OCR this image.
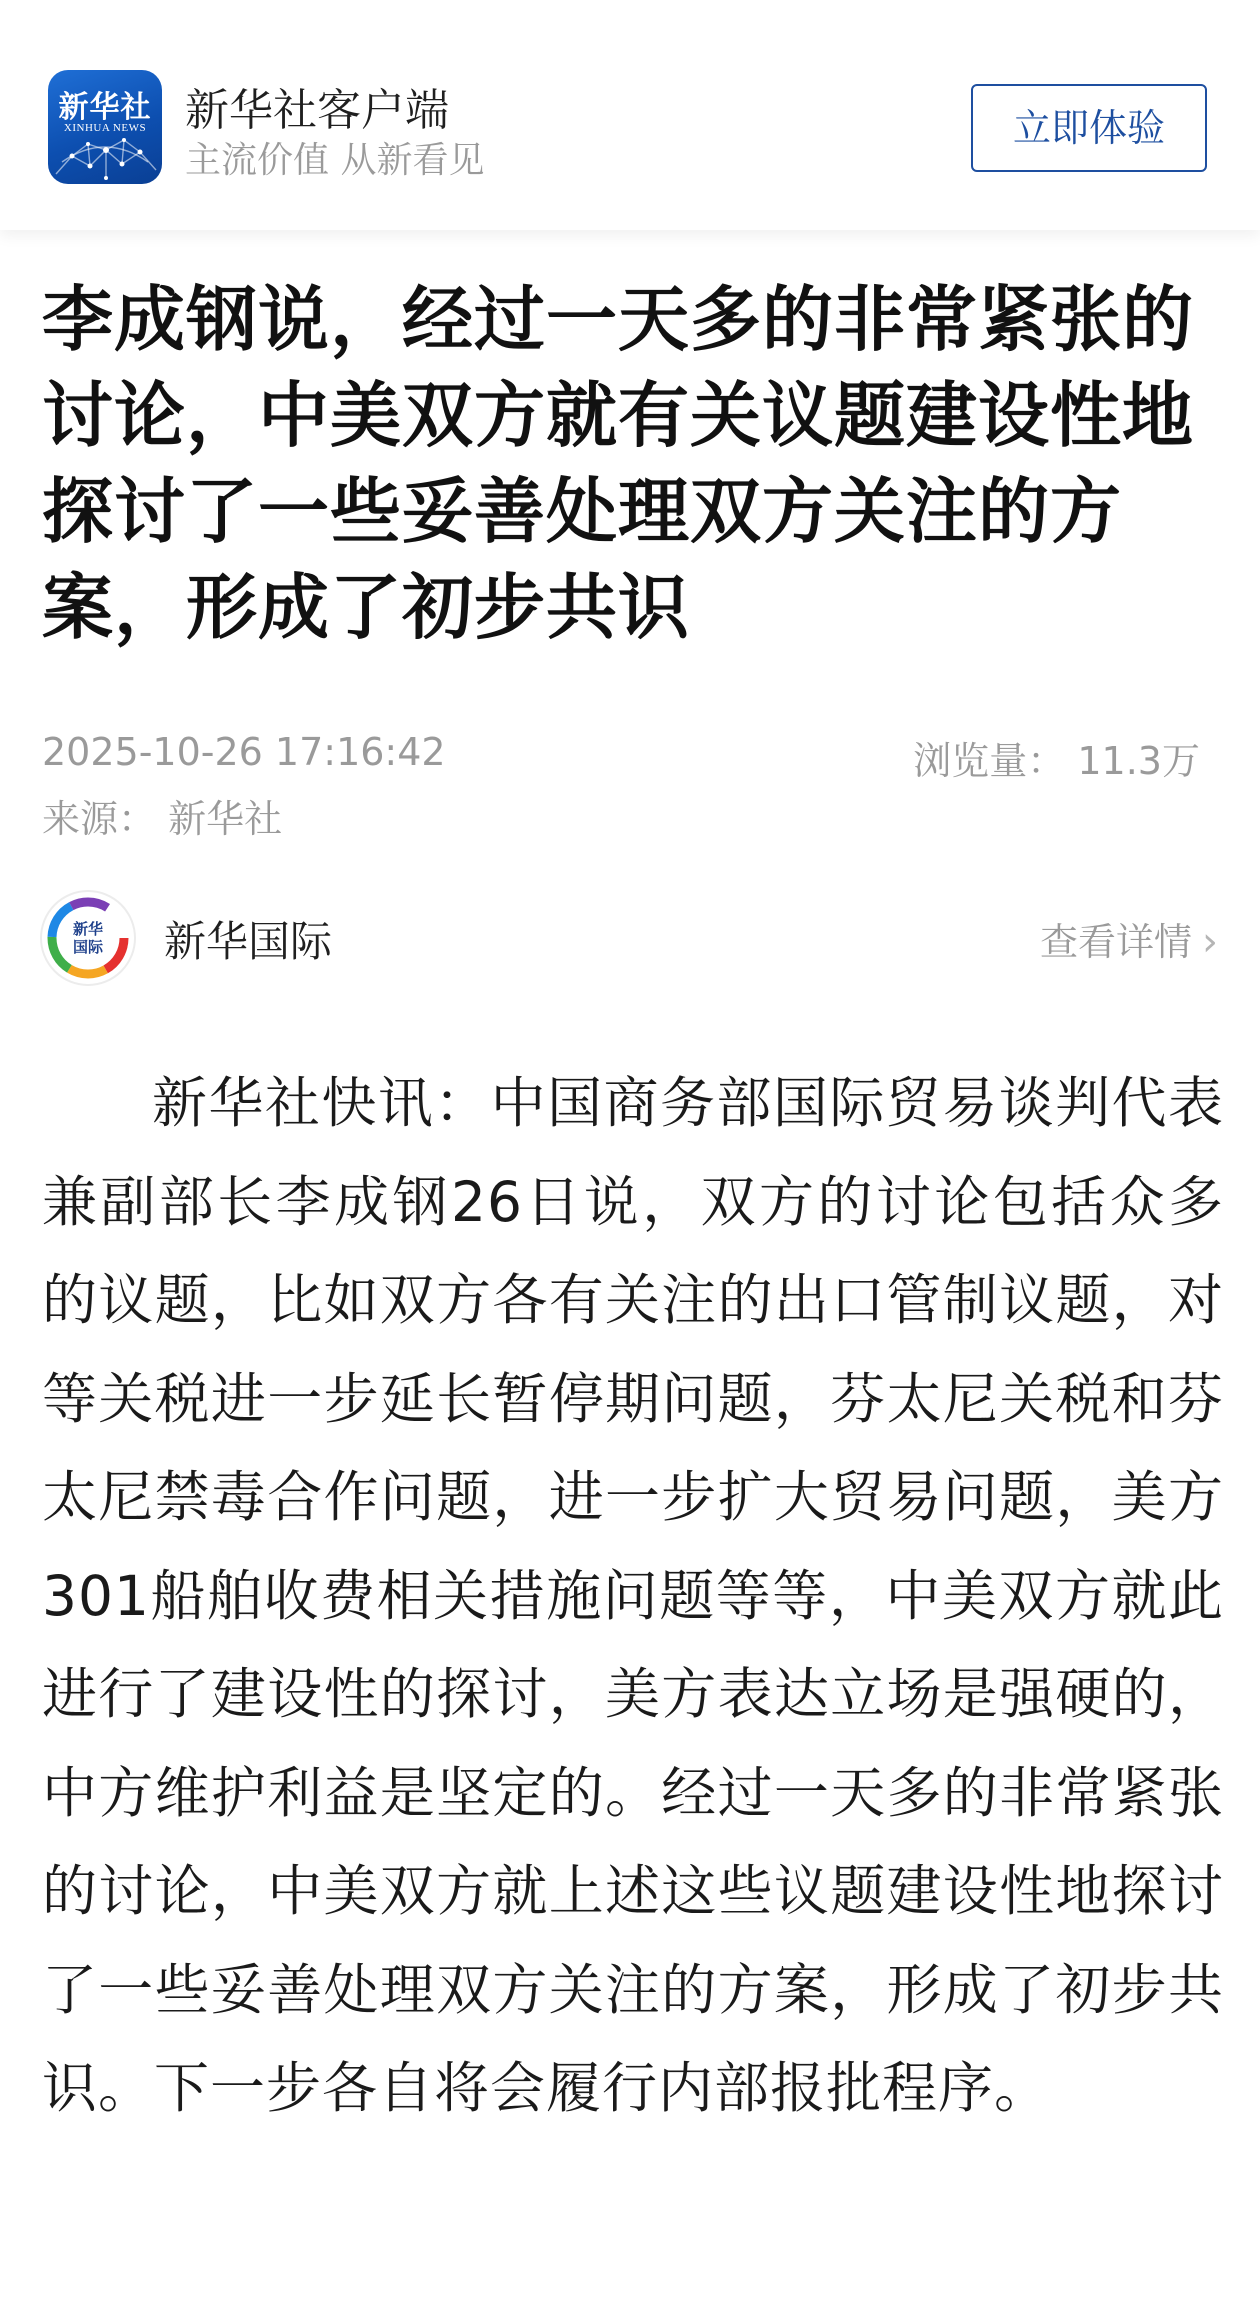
新华社
XINHUA NEWS 新华社客户端
主流价值 从新看见
立即体验
李成钢说，经过一天多的非常紧张的讨论，中美双方就有关议题建设性地探讨了一些妥善处理双方关注的方案，形成了初步共识
2025-10-26 17:16:42	浏览量： 11.3万
来源： 新华社
新华
国际	新华国际	查看详情 ›

新华社快讯：中国商务部国际贸易谈判代表兼副部长李成钢26日说，双方的讨论包括众多的议题，比如双方各有关注的出口管制议题，对等关税进一步延长暂停期问题，芬太尼关税和芬太尼禁毒合作问题，进一步扩大贸易问题，美方301船舶收费相关措施问题等等，中美双方就此进行了建设性的探讨，美方表达立场是强硬的，中方维护利益是坚定的。经过一天多的非常紧张的讨论，中美双方就上述这些议题建设性地探讨了一些妥善处理双方关注的方案，形成了初步共识。下一步各自将会履行内部报批程序。
